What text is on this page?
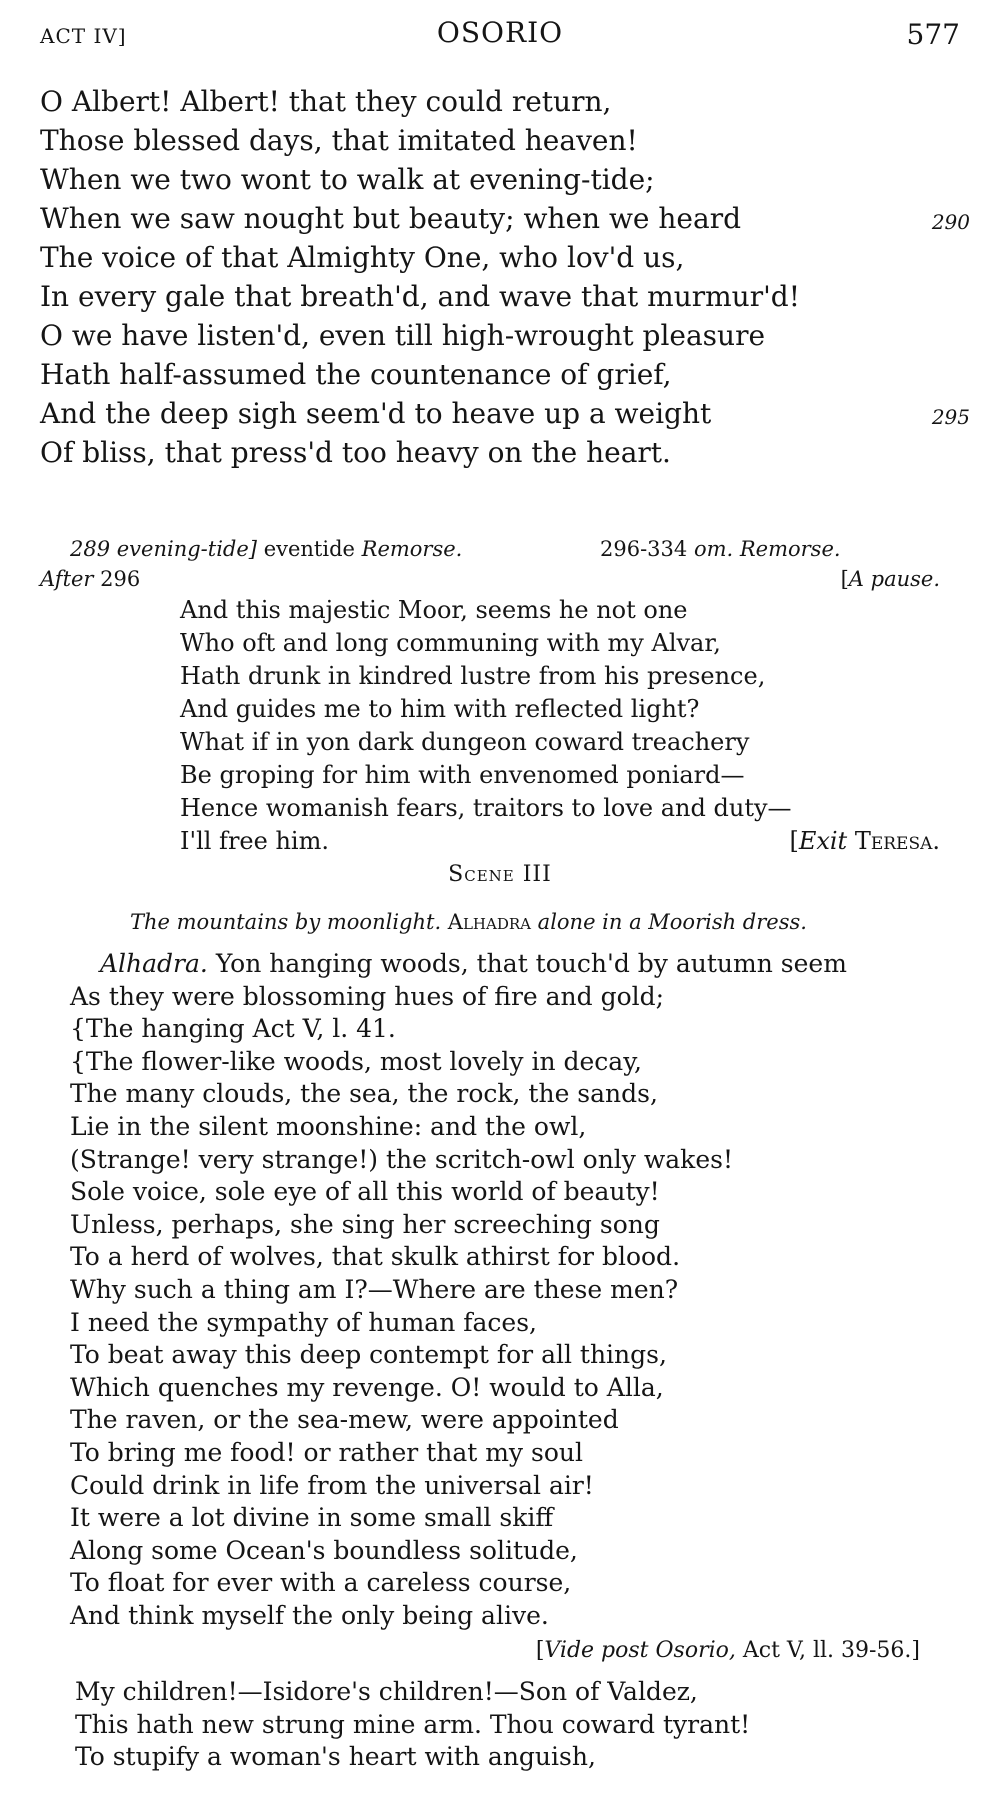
ACT IV]	OSORIO	577
O Albert! Albert! that they could return,
Those blessed days, that imitated heaven!
When we two wont to walk at evening-tide;
When we saw nought but beauty; when we heard	290
The voice of that Almighty One, who lov'd us,
In every gale that breath'd, and wave that murmur'd!
O we have listen'd, even till high-wrought pleasure
Hath half-assumed the countenance of grief,
And the deep sigh seem'd to heave up a weight	295
Of bliss, that press'd too heavy on the heart.
289 evening-tide] eventide Remorse.	296-334 om. Remorse.
After 296	[A pause.
And this majestic Moor, seems he not one
Who oft and long communing with my Alvar,
Hath drunk in kindred lustre from his presence,
And guides me to him with reflected light?
What if in yon dark dungeon coward treachery
Be groping for him with envenomed poniard—
Hence womanish fears, traitors to love and duty—
I'll free him.	[Exit Teresa.
Scene III
The mountains by moonlight. Alhadra alone in a Moorish dress.
Alhadra. Yon hanging woods, that touch'd by autumn seem
As they were blossoming hues of fire and gold;
{The hanging Act V, l. 41.
{The flower-like woods, most lovely in decay,
The many clouds, the sea, the rock, the sands,
Lie in the silent moonshine: and the owl,
(Strange! very strange!) the scritch-owl only wakes!
Sole voice, sole eye of all this world of beauty!
Unless, perhaps, she sing her screeching song
To a herd of wolves, that skulk athirst for blood.
Why such a thing am I?—Where are these men?
I need the sympathy of human faces,
To beat away this deep contempt for all things,
Which quenches my revenge. O! would to Alla,
The raven, or the sea-mew, were appointed
To bring me food! or rather that my soul
Could drink in life from the universal air!
It were a lot divine in some small skiff
Along some Ocean's boundless solitude,
To float for ever with a careless course,
And think myself the only being alive.
[Vide post Osorio, Act V, ll. 39-56.]
My children!—Isidore's children!—Son of Valdez,
This hath new strung mine arm. Thou coward tyrant!
To stupify a woman's heart with anguish,
